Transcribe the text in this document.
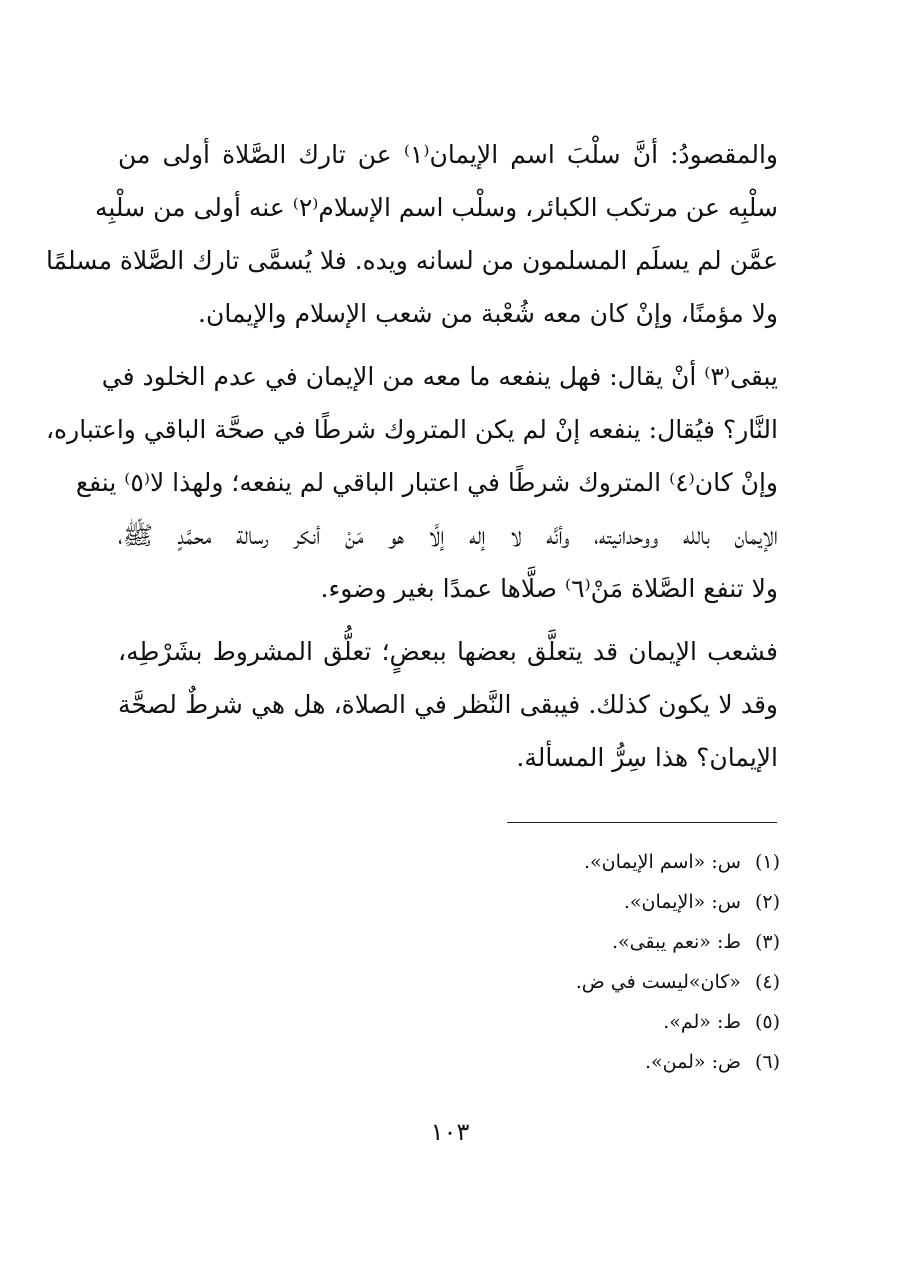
والمقصودُ: أنَّ سلْبَ اسم الإيمان⁽١⁾ عن تارك الصَّلاة أولى من
سلْبِه عن مرتكب الكبائر، وسلْب اسم الإسلام⁽٢⁾ عنه أولى من سلْبِه
عمَّن لم يسلَم المسلمون من لسانه ويده. فلا يُسمَّى تارك الصَّلاة مسلمًا
ولا مؤمنًا، وإنْ كان معه شُعْبة من شعب الإسلام والإيمان.

يبقى⁽٣⁾ أنْ يقال: فهل ينفعه ما معه من الإيمان في عدم الخلود في
النَّار؟ فيُقال: ينفعه إنْ لم يكن المتروك شرطًا في صحَّة الباقي واعتباره،
وإنْ كان⁽٤⁾ المتروك شرطًا في اعتبار الباقي لم ينفعه؛ ولهذا لا⁽٥⁾ ينفع
الإيمان بالله ووحدانيته، وأنَّه لا إله إلَّا هو مَنْ أنكر رسالة محمَّدٍ ﷺ،
ولا تنفع الصَّلاة مَنْ⁽٦⁾ صلَّاها عمدًا بغير وضوء.

فشعب الإيمان قد يتعلَّق بعضها ببعضٍ؛ تعلُّق المشروط بشَرْطِه،
وقد لا يكون كذلك. فيبقى النَّظر في الصلاة، هل هي شرطٌ لصحَّة
الإيمان؟ هذا سِرُّ المسألة.

(١)س: «اسم الإيمان».
(٢)س: «الإيمان».
(٣)ط: «نعم يبقى».
(٤)«كان»ليست في ض.
(٥)ط: «لم».
(٦)ض: «لمن».
١٠٣
